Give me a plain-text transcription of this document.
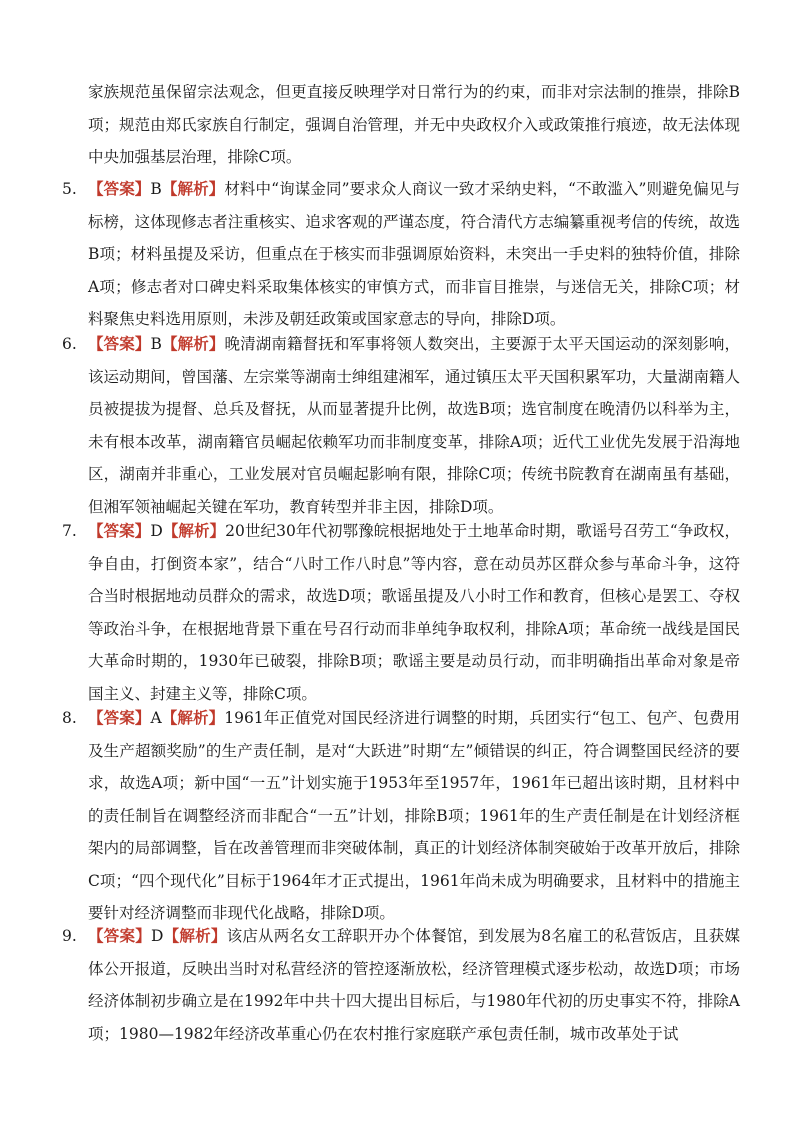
家族规范虽保留宗法观念，但更直接反映理学对日常行为的约束，而非对宗法制的推崇，排除B项；规范由郑氏家族自行制定，强调自治管理，并无中央政权介入或政策推行痕迹，故无法体现中央加强基层治理，排除C项。
5. 【答案】B【解析】材料中“询谋金同”要求众人商议一致才采纳史料，“不敢滥入”则避免偏见与标榜，这体现修志者注重核实、追求客观的严谨态度，符合清代方志编纂重视考信的传统，故选B项；材料虽提及采访，但重点在于核实而非强调原始资料，未突出一手史料的独特价值，排除A项；修志者对口碑史料采取集体核实的审慎方式，而非盲目推崇，与迷信无关，排除C项；材料聚焦史料选用原则，未涉及朝廷政策或国家意志的导向，排除D项。
6. 【答案】B【解析】晚清湖南籍督抚和军事将领人数突出，主要源于太平天国运动的深刻影响，该运动期间，曾国藩、左宗棠等湖南士绅组建湘军，通过镇压太平天国积累军功，大量湖南籍人员被提拔为提督、总兵及督抚，从而显著提升比例，故选B项；选官制度在晚清仍以科举为主，未有根本改革，湖南籍官员崛起依赖军功而非制度变革，排除A项；近代工业优先发展于沿海地区，湖南并非重心，工业发展对官员崛起影响有限，排除C项；传统书院教育在湖南虽有基础，但湘军领袖崛起关键在军功，教育转型并非主因，排除D项。
7. 【答案】D【解析】20世纪30年代初鄂豫皖根据地处于土地革命时期，歌谣号召劳工“争政权，争自由，打倒资本家”，结合“八时工作八时息”等内容，意在动员苏区群众参与革命斗争，这符合当时根据地动员群众的需求，故选D项；歌谣虽提及八小时工作和教育，但核心是罢工、夺权等政治斗争，在根据地背景下重在号召行动而非单纯争取权利，排除A项；革命统一战线是国民大革命时期的，1930年已破裂，排除B项；歌谣主要是动员行动，而非明确指出革命对象是帝国主义、封建主义等，排除C项。
8. 【答案】A【解析】1961年正值党对国民经济进行调整的时期，兵团实行“包工、包产、包费用及生产超额奖励”的生产责任制，是对“大跃进”时期“左”倾错误的纠正，符合调整国民经济的要求，故选A项；新中国“一五”计划实施于1953年至1957年，1961年已超出该时期，且材料中的责任制旨在调整经济而非配合“一五”计划，排除B项；1961年的生产责任制是在计划经济框架内的局部调整，旨在改善管理而非突破体制，真正的计划经济体制突破始于改革开放后，排除C项；“四个现代化”目标于1964年才正式提出，1961年尚未成为明确要求，且材料中的措施主要针对经济调整而非现代化战略，排除D项。
9. 【答案】D【解析】该店从两名女工辞职开办个体餐馆，到发展为8名雇工的私营饭店，且获媒体公开报道，反映出当时对私营经济的管控逐渐放松，经济管理模式逐步松动，故选D项；市场经济体制初步确立是在1992年中共十四大提出目标后，与1980年代初的历史事实不符，排除A项；1980—1982年经济改革重心仍在农村推行家庭联产承包责任制，城市改革处于试
